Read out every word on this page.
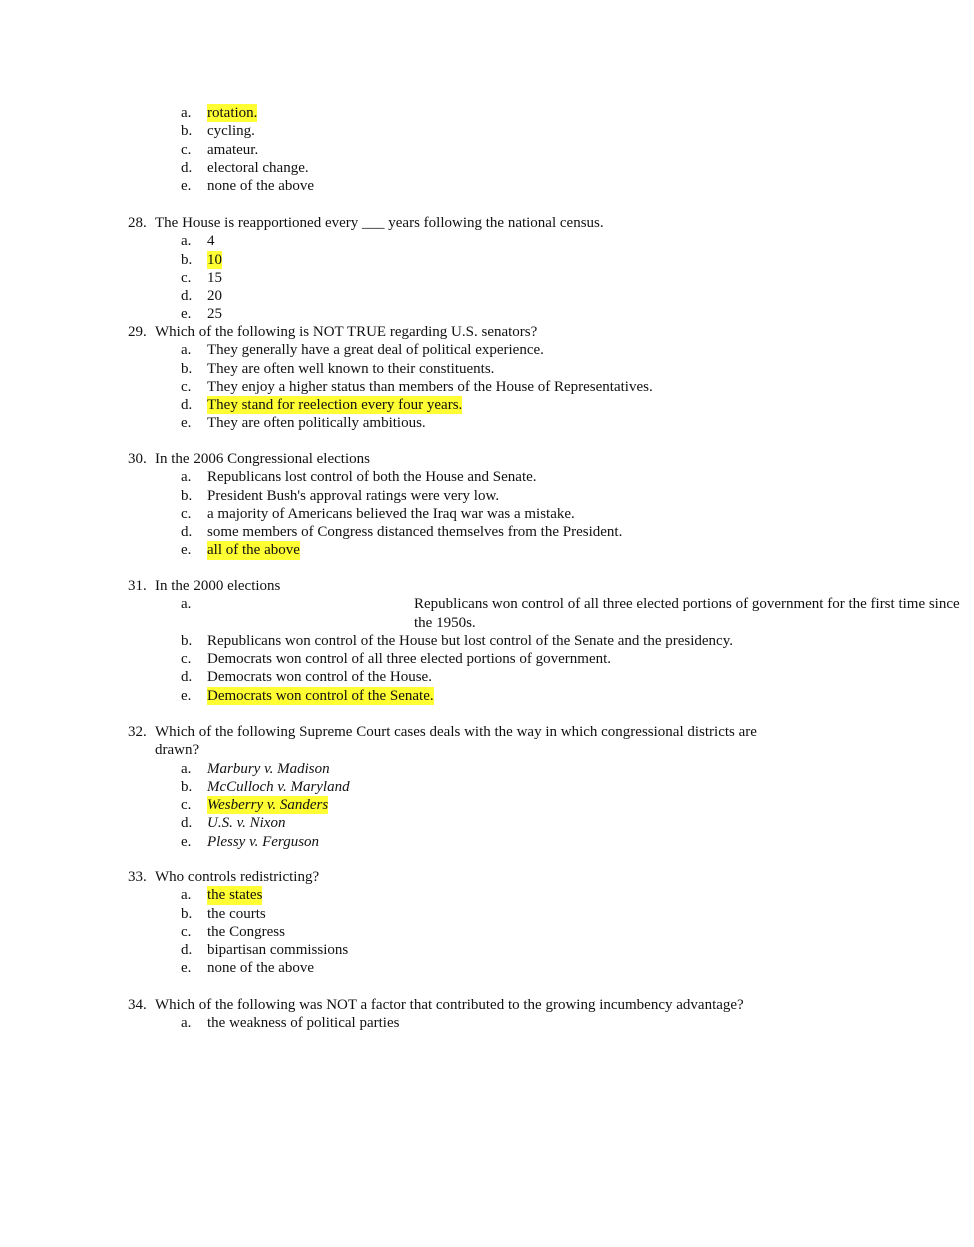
a.	rotation.
b. cycling.
c.	amateur.
d. electoral change.
e.	none of the above
28. The House is reapportioned every ___ years following the national census.
a.	4
b. 10
c.	15
d. 20
e.	25
29. Which of the following is NOT TRUE regarding U.S. senators?
a.	They generally have a great deal of political experience.
b. They are often well known to their constituents.
c.	They enjoy a higher status than members of the House of Representatives.
d. They stand for reelection every four years.
e.	They are often politically ambitious.
30. In the 2006 Congressional elections
a.	Republicans lost control of both the House and Senate.
b. President Bush's approval ratings were very low.
c.	a majority of Americans believed the Iraq war was a mistake.
d. some members of Congress distanced themselves from the President.
e.	all of the above
31. In the 2000 elections
a.	Republicans won control of all three elected portions of government for the first time since the 1950s.
b. Republicans won control of the House but lost control of the Senate and the presidency.
c.	Democrats won control of all three elected portions of government.
d. Democrats won control of the House.
e.	Democrats won control of the Senate.
32. Which of the following Supreme Court cases deals with the way in which congressional districts are drawn?
a.	Marbury v. Madison
b. McCulloch v. Maryland
c.	Wesberry v. Sanders
d. U.S. v. Nixon
e.	Plessy v. Ferguson
33. Who controls redistricting?
a.	the states
b. the courts
c.	the Congress
d. bipartisan commissions
e.	none of the above
34. Which of the following was NOT a factor that contributed to the growing incumbency advantage?
a.	the weakness of political parties
